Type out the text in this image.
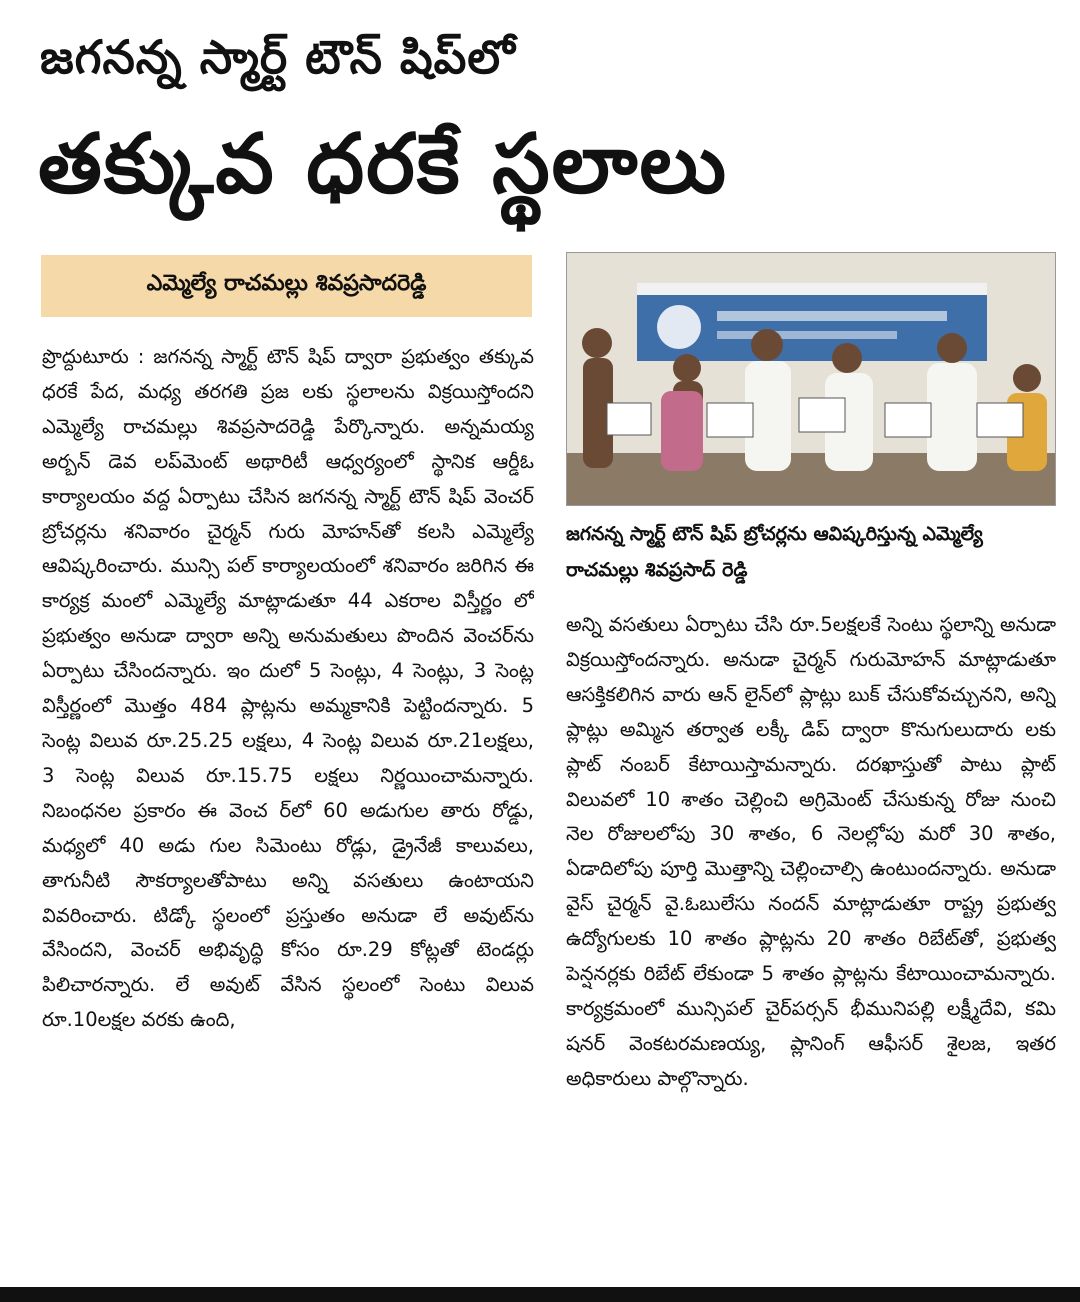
జగనన్న స్మార్ట్ టౌన్ షిప్‌లో
తక్కువ ధరకే స్థలాలు
ఎమ్మెల్యే రాచమల్లు శివప్రసాదరెడ్డి
ప్రొద్దుటూరు : జగనన్న స్మార్ట్ టౌన్ షిప్ ద్వారా ప్రభుత్వం తక్కువ ధరకే పేద, మధ్య తరగతి ప్రజ లకు స్థలాలను విక్రయిస్తోందని ఎమ్మెల్యే రాచమల్లు శివప్రసాదరెడ్డి పేర్కొన్నారు. అన్నమయ్య అర్బన్ డెవ లప్‌మెంట్ అథారిటీ ఆధ్వర్యంలో స్థానిక ఆర్డీఓ కార్యాలయం వద్ద ఏర్పాటు చేసిన జగనన్న స్మార్ట్ టౌన్ షిప్ వెంచర్ బ్రోచర్లను శనివారం చైర్మన్ గురు మోహన్‌తో కలసి ఎమ్మెల్యే ఆవిష్కరించారు. మున్సి పల్ కార్యాలయంలో శనివారం జరిగిన ఈ కార్యక్ర మంలో ఎమ్మెల్యే మాట్లాడుతూ 44 ఎకరాల విస్తీర్ణం లో ప్రభుత్వం అనుడా ద్వారా అన్ని అనుమతులు పొందిన వెంచర్‌ను ఏర్పాటు చేసిందన్నారు. ఇం దులో 5 సెంట్లు, 4 సెంట్లు, 3 సెంట్ల విస్తీర్ణంలో మొత్తం 484 ప్లాట్లను అమ్మకానికి పెట్టిందన్నారు. 5 సెంట్ల విలువ రూ.25.25 లక్షలు, 4 సెంట్ల విలువ రూ.21లక్షలు, 3 సెంట్ల విలువ రూ.15.75 లక్షలు నిర్ణయించామన్నారు. నిబంధనల ప్రకారం ఈ వెంచ ర్‌లో 60 అడుగుల తారు రోడ్డు, మధ్యలో 40 అడు గుల సిమెంటు రోడ్లు, డ్రైనేజీ కాలువలు, తాగునీటి సౌకర్యాలతోపాటు అన్ని వసతులు ఉంటాయని వివరించారు. టిడ్కో స్థలంలో ప్రస్తుతం అనుడా లే అవుట్‌ను వేసిందని, వెంచర్ అభివృద్ధి కోసం రూ.29 కోట్లతో టెండర్లు పిలిచారన్నారు. లే అవుట్ వేసిన స్థలంలో సెంటు విలువ రూ.10లక్షల వరకు ఉంది,
జగనన్న స్మార్ట్ టౌన్ షిప్ బ్రోచర్లను ఆవిష్కరిస్తున్న ఎమ్మెల్యే రాచమల్లు శివప్రసాద్ రెడ్డి
అన్ని వసతులు ఏర్పాటు చేసి రూ.5లక్షలకే సెంటు స్థలాన్ని అనుడా విక్రయిస్తోందన్నారు. అనుడా చైర్మన్ గురుమోహన్ మాట్లాడుతూ ఆసక్తికలిగిన వారు ఆన్ లైన్‌లో ప్లాట్లు బుక్ చేసుకోవచ్చునని, అన్ని ప్లాట్లు అమ్మిన తర్వాత లక్కీ డిప్ ద్వారా కొనుగులుదారు లకు ప్లాట్ నంబర్ కేటాయిస్తామన్నారు. దరఖాస్తుతో పాటు ప్లాట్ విలువలో 10 శాతం చెల్లించి అగ్రిమెంట్ చేసుకున్న రోజు నుంచి నెల రోజులలోపు 30 శాతం, 6 నెలల్లోపు మరో 30 శాతం, ఏడాదిలోపు పూర్తి మొత్తాన్ని చెల్లించాల్సి ఉంటుందన్నారు. అనుడా వైస్ చైర్మన్ వై.ఓబులేసు నందన్ మాట్లాడుతూ రాష్ట్ర ప్రభుత్వ ఉద్యోగులకు 10 శాతం ప్లాట్లను 20 శాతం రిబేట్‌తో, ప్రభుత్వ పెన్షనర్లకు రిబేట్ లేకుండా 5 శాతం ప్లాట్లను కేటాయించామన్నారు. కార్యక్రమంలో మున్సిపల్ చైర్‌పర్సన్ భీమునిపల్లి లక్ష్మీదేవి, కమి షనర్ వెంకటరమణయ్య, ప్లానింగ్ ఆఫీసర్ శైలజ, ఇతర అధికారులు పాల్గొన్నారు.
